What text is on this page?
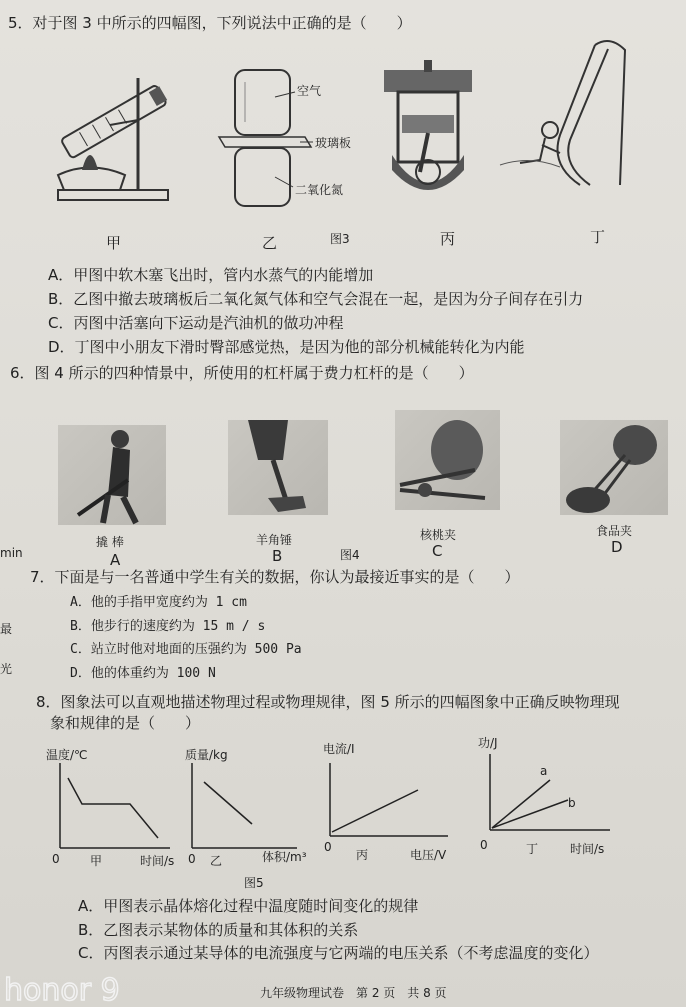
5．对于图 3 中所示的四幅图，下列说法中正确的是（　　）
空气
玻璃板
二氧化氮
甲	乙	图3	丙	丁
A．甲图中软木塞飞出时，管内水蒸气的内能增加
B．乙图中撤去玻璃板后二氧化氮气体和空气会混在一起，是因为分子间存在引力
C．丙图中活塞向下运动是汽油机的做功冲程
D．丁图中小朋友下滑时臀部感觉热，是因为他的部分机械能转化为内能
6．图 4 所示的四种情景中，所使用的杠杆属于费力杠杆的是（　　）
撬 棒
A
羊角锤
B	图4
核桃夹
C
食品夹
D
min
最
光
7．下面是与一名普通中学生有关的数据，你认为最接近事实的是（　　）
A．他的手指甲宽度约为 1 cm
B．他步行的速度约为 15 m / s
C．站立时他对地面的压强约为 500 Pa
D．他的体重约为 100 N
8．图象法可以直观地描述物理过程或物理规律，图 5 所示的四幅图象中正确反映物理现
象和规律的是（　　）
温度/℃
0	甲	时间/s
质量/kg
0 乙	体积/m³
电流/I
0
丙	电压/V
功/J
a
b
0	丁	时间/s
图5
A．甲图表示晶体熔化过程中温度随时间变化的规律
B．乙图表示某物体的质量和其体积的关系
C．丙图表示通过某导体的电流强度与它两端的电压关系（不考虑温度的变化）
九年级物理试卷　第 2 页　共 8 页
honor 9
